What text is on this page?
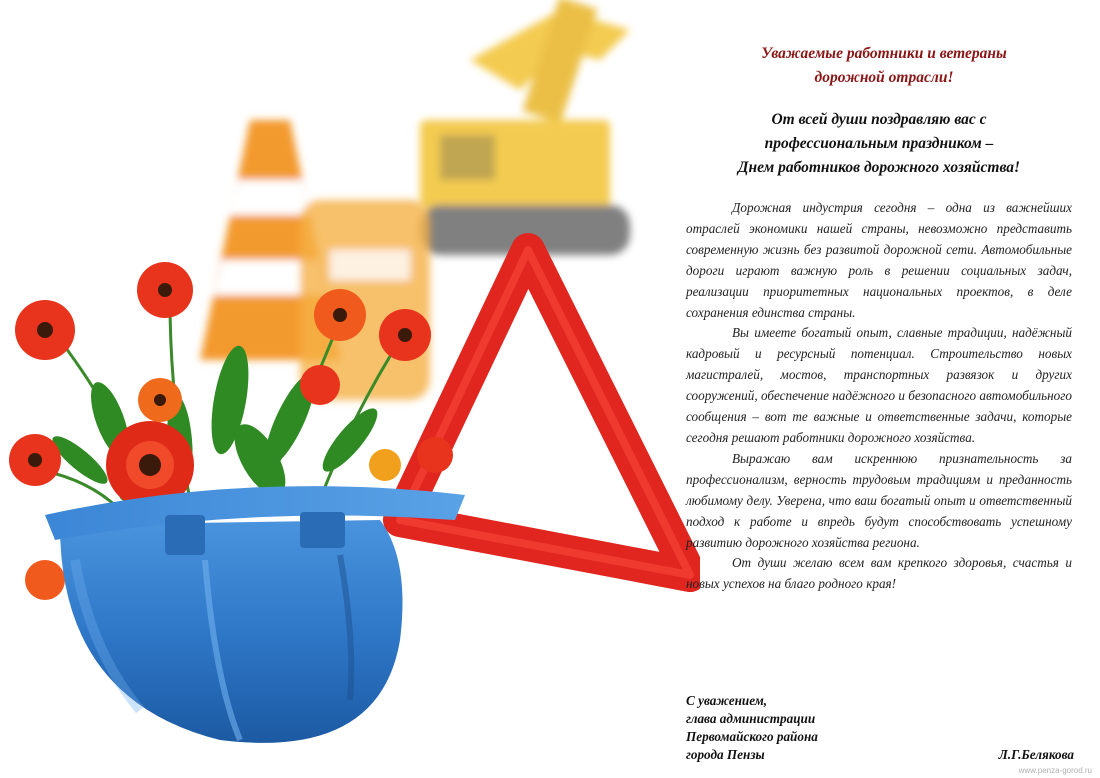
Уважаемые работники и ветераны
дорожной отрасли!
От всей души поздравляю вас с
профессиональным праздником –
Днем работников дорожного хозяйства!

Дорожная индустрия сегодня – одна из важнейших отраслей экономики нашей страны, невозможно представить современную жизнь без развитой дорожной сети. Автомобильные дороги играют важную роль в решении социальных задач, реализации приоритетных национальных проектов, в деле сохранения единства страны.

Вы имеете богатый опыт, славные традиции, надёжный кадровый и ресурсный потенциал. Строительство новых магистралей, мостов, транспортных развязок и других сооружений, обеспечение надёжного и безопасного автомобильного сообщения – вот те важные и ответственные задачи, которые сегодня решают работники дорожного хозяйства.

Выражаю вам искреннюю признательность за профессионализм, верность трудовым традициям и преданность любимому делу. Уверена, что ваш богатый опыт и ответственный подход к работе и впредь будут способствовать успешному развитию дорожного хозяйства региона.

От души желаю всем вам крепкого здоровья, счастья и новых успехов на благо родного края!

С уважением,
глава администрации
Первомайского района
города Пензы	Л.Г.Белякова
www.penza-gorod.ru
